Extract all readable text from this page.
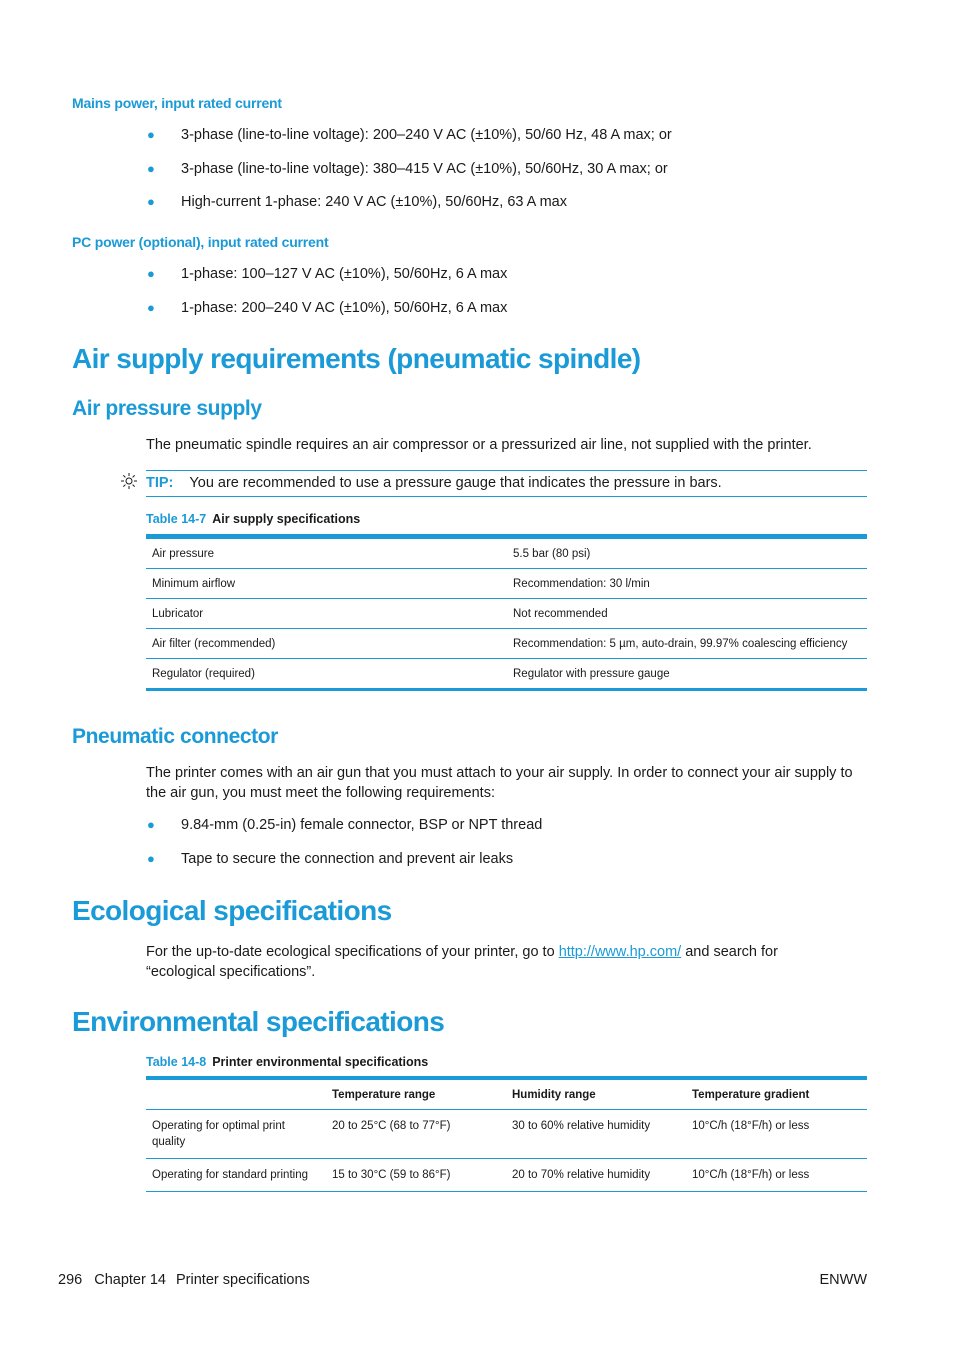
Mains power, input rated current
● 3-phase (line-to-line voltage): 200–240 V AC (±10%), 50/60 Hz, 48 A max; or
● 3-phase (line-to-line voltage): 380–415 V AC (±10%), 50/60Hz, 30 A max; or
● High-current 1-phase: 240 V AC (±10%), 50/60Hz, 63 A max
PC power (optional), input rated current
● 1-phase: 100–127 V AC (±10%), 50/60Hz, 6 A max
● 1-phase: 200–240 V AC (±10%), 50/60Hz, 6 A max
Air supply requirements (pneumatic spindle)
Air pressure supply
The pneumatic spindle requires an air compressor or a pressurized air line, not supplied with the printer.
TIP: You are recommended to use a pressure gauge that indicates the pressure in bars.
Table 14-7 Air supply specifications
Air pressure	5.5 bar (80 psi)
Minimum airflow	Recommendation: 30 l/min
Lubricator	Not recommended
Air filter (recommended)	Recommendation: 5 µm, auto-drain, 99.97% coalescing efficiency
Regulator (required)	Regulator with pressure gauge
Pneumatic connector
The printer comes with an air gun that you must attach to your air supply. In order to connect your air supply to the air gun, you must meet the following requirements:
● 9.84-mm (0.25-in) female connector, BSP or NPT thread
● Tape to secure the connection and prevent air leaks
Ecological specifications
For the up-to-date ecological specifications of your printer, go to http://www.hp.com/ and search for “ecological specifications”.
Environmental specifications
Table 14-8 Printer environmental specifications
	Temperature range	Humidity range	Temperature gradient
Operating for optimal print quality	20 to 25°C (68 to 77°F)	30 to 60% relative humidity	10°C/h (18°F/h) or less
Operating for standard printing	15 to 30°C (59 to 86°F)	20 to 70% relative humidity	10°C/h (18°F/h) or less
296 Chapter 14 Printer specifications	ENWW
